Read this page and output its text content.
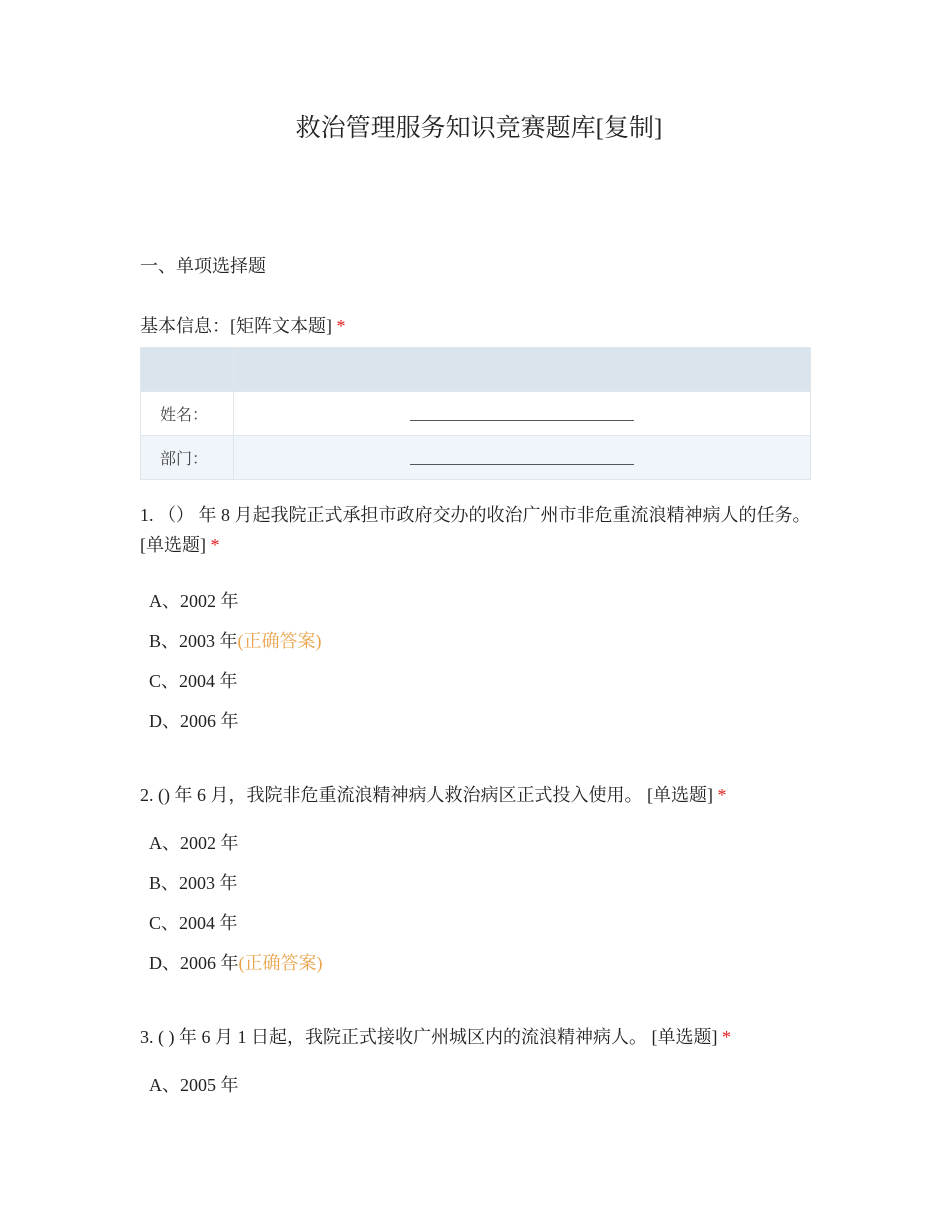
救治管理服务知识竞赛题库[复制]
一、单项选择题
基本信息：[矩阵文本题] *

姓名：	
部门：	
1. （） 年 8 月起我院正式承担市政府交办的收治广州市非危重流浪精神病人的任务。 [单选题] *
A、2002 年
B、2003 年(正确答案)
C、2004 年
D、2006 年
2. () 年 6 月，我院非危重流浪精神病人救治病区正式投入使用。 [单选题] *
A、2002 年
B、2003 年
C、2004 年
D、2006 年(正确答案)
3. ( ) 年 6 月 1 日起，我院正式接收广州城区内的流浪精神病人。 [单选题] *
A、2005 年
